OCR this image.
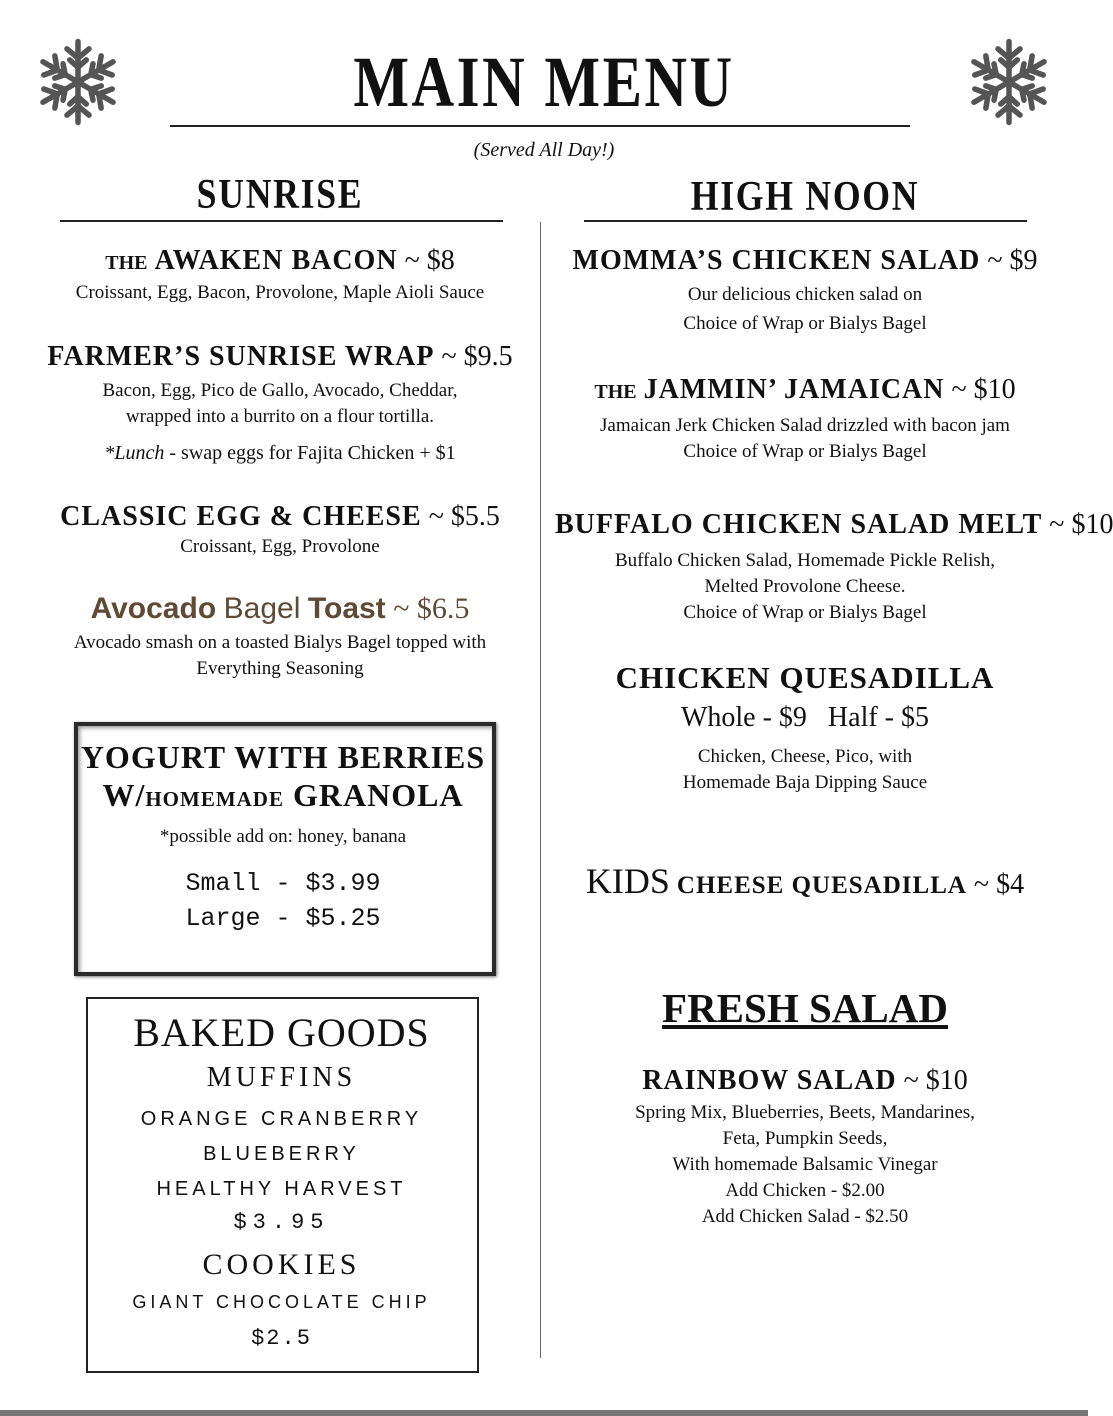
MAIN MENU
(Served All Day!)
SUNRISE	HIGH NOON
THE AWAKEN BACON ~ $8
Croissant, Egg, Bacon, Provolone, Maple Aioli Sauce
FARMER’S SUNRISE WRAP ~ $9.5
Bacon, Egg, Pico de Gallo, Avocado, Cheddar,
wrapped into a burrito on a flour tortilla.
*Lunch - swap eggs for Fajita Chicken + $1
CLASSIC EGG & CHEESE ~ $5.5
Croissant, Egg, Provolone
Avocado Bagel Toast ~ $6.5
Avocado smash on a toasted Bialys Bagel topped with
Everything Seasoning
YOGURT WITH BERRIES
W/HOMEMADE GRANOLA
*possible add on: honey, banana
Small - $3.99
Large - $5.25
BAKED GOODS
MUFFINS
ORANGE CRANBERRY
BLUEBERRY
HEALTHY HARVEST
$3.95
COOKIES
GIANT CHOCOLATE CHIP
$2.5
MOMMA’S CHICKEN SALAD ~ $9
Our delicious chicken salad on
Choice of Wrap or Bialys Bagel
THE JAMMIN’ JAMAICAN ~ $10
Jamaican Jerk Chicken Salad drizzled with bacon jam
Choice of Wrap or Bialys Bagel
BUFFALO CHICKEN SALAD MELT ~ $10
Buffalo Chicken Salad, Homemade Pickle Relish,
Melted Provolone Cheese.
Choice of Wrap or Bialys Bagel
CHICKEN QUESADILLA
Whole - $9   Half - $5
Chicken, Cheese, Pico, with
Homemade Baja Dipping Sauce
KIDS CHEESE QUESADILLA ~ $4
FRESH SALAD
RAINBOW SALAD ~ $10
Spring Mix, Blueberries, Beets, Mandarines,
Feta, Pumpkin Seeds,
With homemade Balsamic Vinegar
Add Chicken - $2.00
Add Chicken Salad - $2.50
